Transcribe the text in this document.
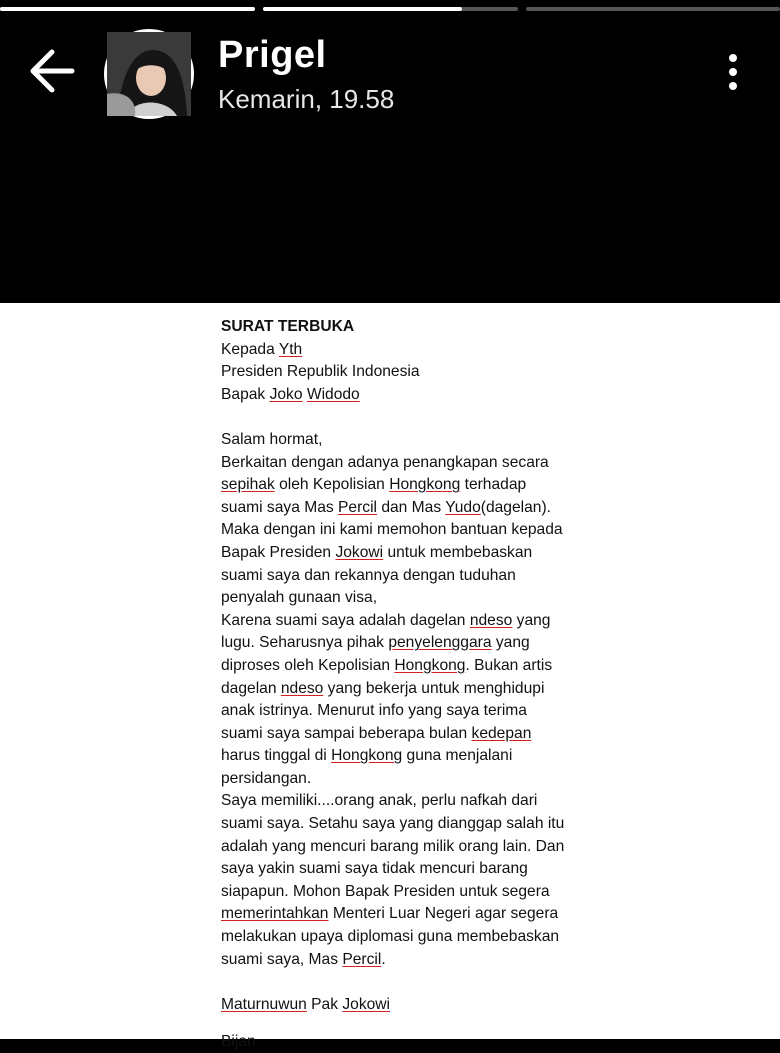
Prigel
Kemarin, 19.58
SURAT TERBUKA
Kepada Yth
Presiden Republik Indonesia
Bapak Joko Widodo
Salam hormat,
Berkaitan dengan adanya penangkapan secara
sepihak oleh Kepolisian Hongkong terhadap
suami saya Mas Percil dan Mas Yudo(dagelan).
Maka dengan ini kami memohon bantuan kepada
Bapak Presiden Jokowi untuk membebaskan
suami saya dan rekannya dengan tuduhan
penyalah gunaan visa,
Karena suami saya adalah dagelan ndeso yang
lugu. Seharusnya pihak penyelenggara yang
diproses oleh Kepolisian Hongkong. Bukan artis
dagelan ndeso yang bekerja untuk menghidupi
anak istrinya. Menurut info yang saya terima
suami saya sampai beberapa bulan kedepan
harus tinggal di Hongkong guna menjalani
persidangan.
Saya memiliki....orang anak, perlu nafkah dari
suami saya. Setahu saya yang dianggap salah itu
adalah yang mencuri barang milik orang lain. Dan
saya yakin suami saya tidak mencuri barang
siapapun. Mohon Bapak Presiden untuk segera
memerintahkan Menteri Luar Negeri agar segera
melakukan upaya diplomasi guna membebaskan
suami saya, Mas Percil.
Maturnuwun Pak Jokowi
Bijan
